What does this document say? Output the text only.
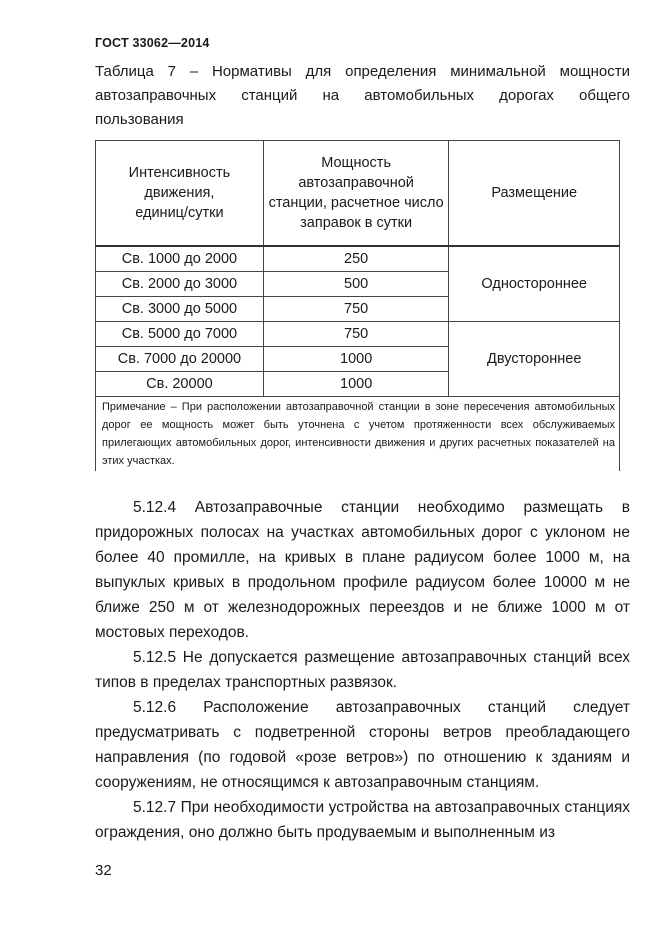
ГОСТ 33062—2014
Таблица 7 – Нормативы для определения минимальной мощности
автозаправочных станций на автомобильных дорогах общего
пользования
Интенсивность движения, единиц/сутки	Мощность автозаправочной станции, расчетное число заправок в сутки	Размещение
Св. 1000 до 2000	250	Одностороннее
Св. 2000 до 3000	500	
Св. 3000 до 5000	750	
Св. 5000 до 7000	750	Двустороннее
Св. 7000 до 20000	1000	
Св. 20000	1000	

Примечание – При расположении автозаправочной станции в зоне пересечения автомобильных дорог ее мощность может быть уточнена с учетом протяженности всех обслуживаемых прилегающих автомобильных дорог, интенсивности движения и других расчетных показателей на этих участках.		

5.12.4 Автозаправочные станции необходимо размещать в придорожных полосах на участках автомобильных дорог с уклоном не более 40 промилле, на кривых в плане радиусом более 1000 м, на выпуклых кривых в продольном профиле радиусом более 10000 м не ближе 250 м от железнодорожных переездов и не ближе 1000 м от мостовых переходов.

5.12.5 Не допускается размещение автозаправочных станций всех типов в пределах транспортных развязок.

5.12.6 Расположение автозаправочных станций следует предусматривать с подветренной стороны ветров преобладающего направления (по годовой «розе ветров») по отношению к зданиям и сооружениям, не относящимся к автозаправочным станциям.

5.12.7 При необходимости устройства на автозаправочных станциях ограждения, оно должно быть продуваемым и выполненным из

32
